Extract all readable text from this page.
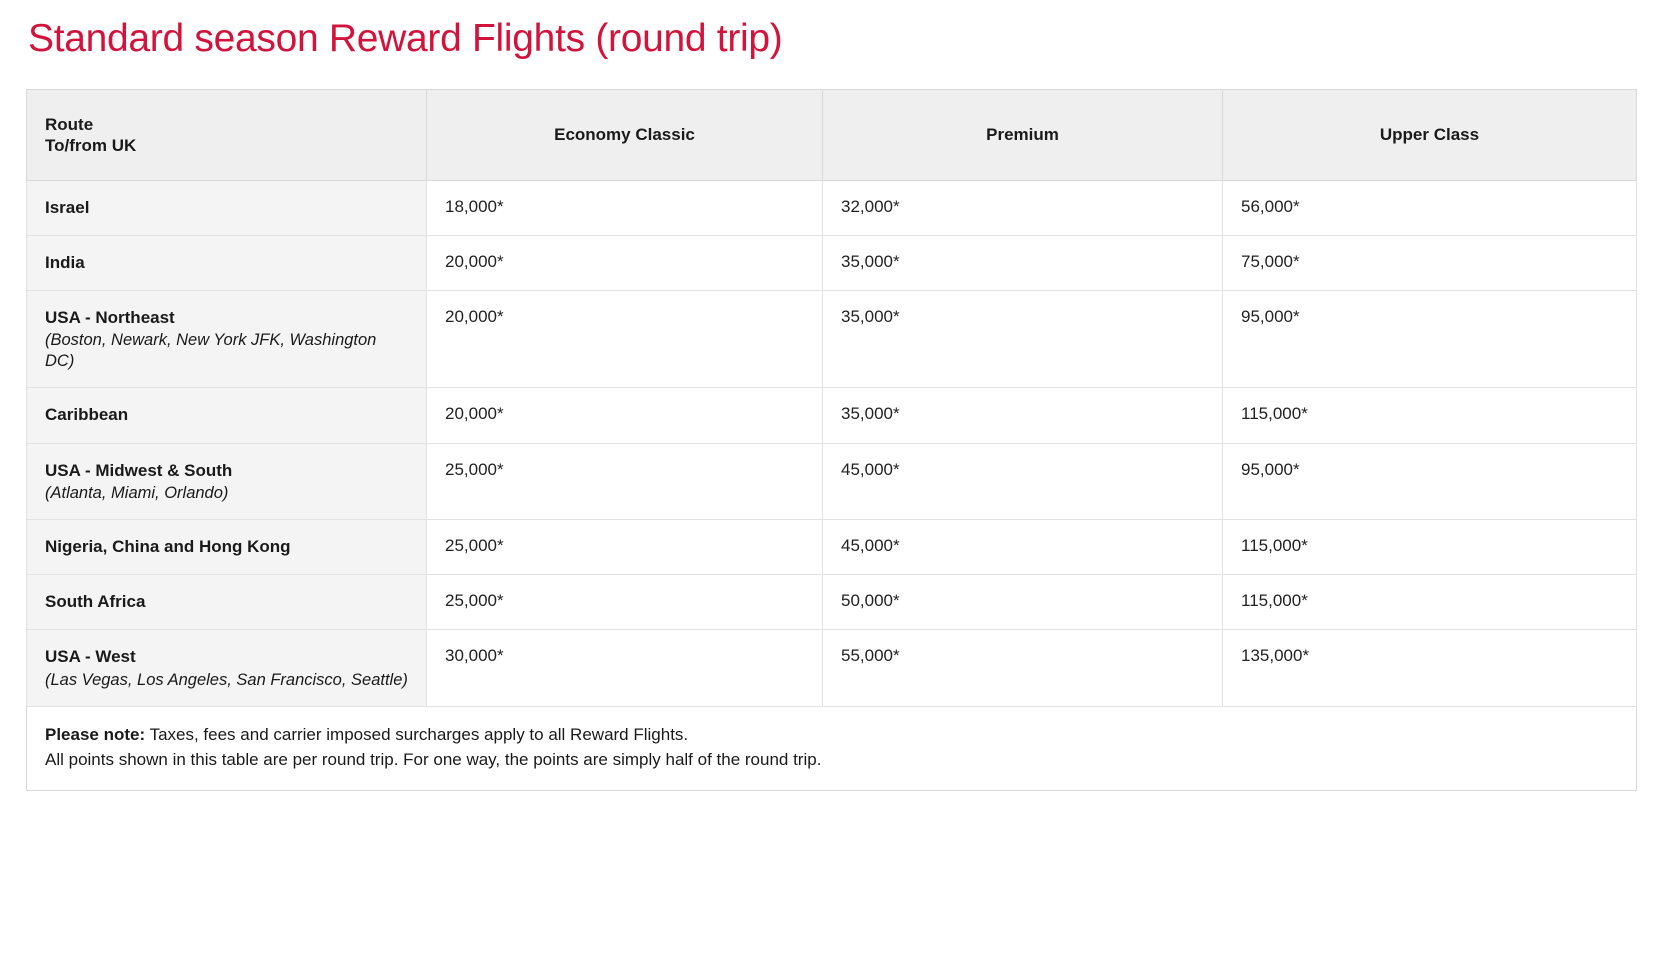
Standard season Reward Flights (round trip)
Route
To/from UK	Economy Classic	Premium	Upper Class
Israel	18,000*	32,000*	56,000*
India	20,000*	35,000*	75,000*
USA - Northeast
(Boston, Newark, New York JFK, Washington DC)	20,000*	35,000*	95,000*
Caribbean	20,000*	35,000*	115,000*
USA - Midwest & South
(Atlanta, Miami, Orlando)	25,000*	45,000*	95,000*
Nigeria, China and Hong Kong	25,000*	45,000*	115,000*
South Africa	25,000*	50,000*	115,000*
USA - West
(Las Vegas, Los Angeles, San Francisco, Seattle)	30,000*	55,000*	135,000*

Please note: Taxes, fees and carrier imposed surcharges apply to all Reward Flights.
All points shown in this table are per round trip. For one way, the points are simply half of the round trip.			
